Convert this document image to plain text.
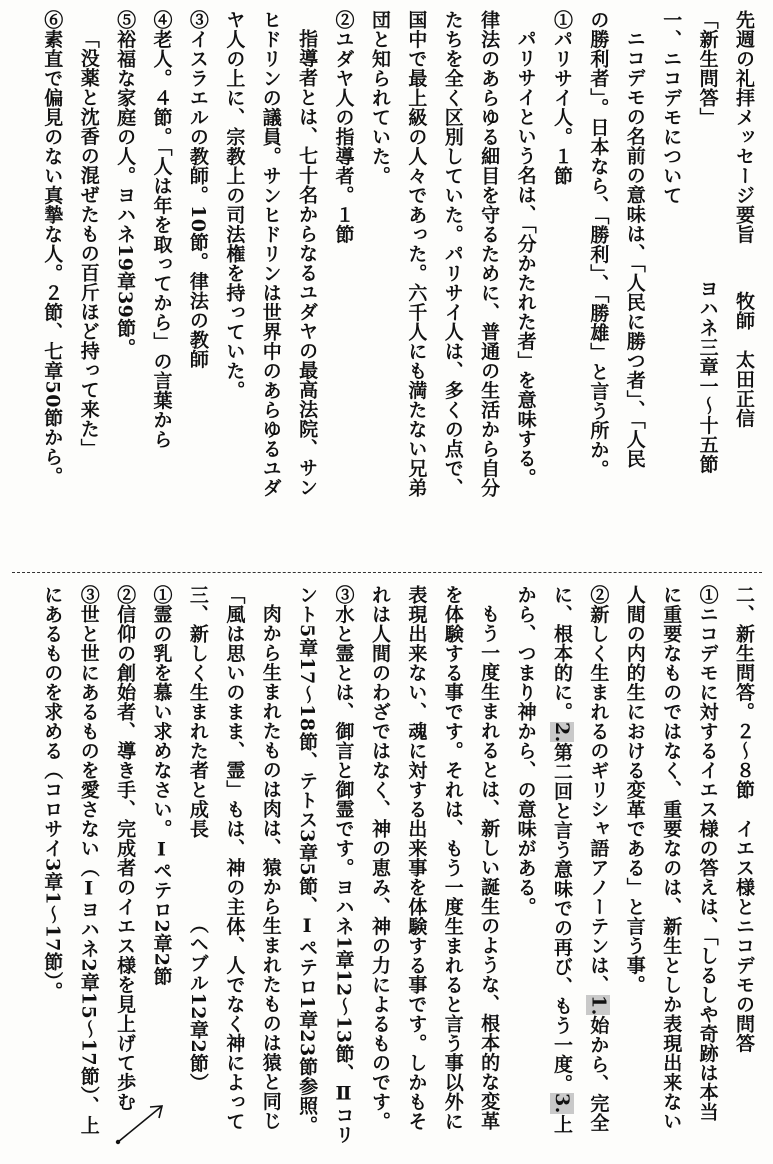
先週の礼拝メッセージ要旨牧師　太田正信
「新生問答」ヨハネ三章一〜十五節
一、ニコデモについて
ニコデモの名前の意味は、「人民に勝つ者」、「人民
の勝利者」。日本なら、「勝利」、「勝雄」と言う所か。
①パリサイ人。１節
パリサイという名は、「分かたれた者」を意味する。
律法のあらゆる細目を守るために、普通の生活から自分
たちを全く区別していた。パリサイ人は、多くの点で、
国中で最上級の人々であった。六千人にも満たない兄弟
団と知られていた。
②ユダヤ人の指導者。１節
指導者とは、七十名からなるユダヤの最高法院、サン
ヒドリンの議員。サンヒドリンは世界中のあらゆるユダ
ヤ人の上に、宗教上の司法権を持っていた。
③イスラエルの教師。10節。律法の教師
④老人。４節。「人は年を取ってから」の言葉から
⑤裕福な家庭の人。ヨハネ19章39節。
「没薬と沈香の混ぜたもの百斤ほど持って来た」
⑥素直で偏見のない真摯な人。２節、七章50節から。
二、新生問答。２〜８節　イエス様とニコデモの問答
①ニコデモに対するイエス様の答えは、「しるしや奇跡は本当
に重要なものではなく、重要なのは、新生としか表現出来ない
人間の内的生における変革である」と言う事。
②新しく生まれるのギリシャ語アノーテンは、1.始から、完全
に、根本的に。2.第二回と言う意味での再び、もう一度。3.上
から、つまり神から、の意味がある。
もう一度生まれるとは、新しい誕生のような、根本的な変革
を体験する事です。それは、もう一度生まれると言う事以外に
表現出来ない、魂に対する出来事を体験する事です。しかもそ
れは人間のわざではなく、神の恵み、神の力によるものです。
③水と霊とは、御言と御霊です。ヨハネ1章12〜13節、Ⅱコリ
ント5章17〜18節、テトス3章5節、Ⅰペテロ1章23節参照。
肉から生まれたものは肉は、猿から生まれたものは猿と同じ
「風は思いのまま、霊」もは、神の主体、人でなく神によって
三、新しく生まれた者と成長（ヘブル12章2節）
①霊の乳を慕い求めなさい。Ⅰペテロ2章2節
②信仰の創始者、導き手、完成者のイエス様を見上げて歩む
③世と世にあるものを愛さない（Ⅰヨハネ2章15〜17節）、上
にあるものを求める（コロサイ3章1〜17節）。
